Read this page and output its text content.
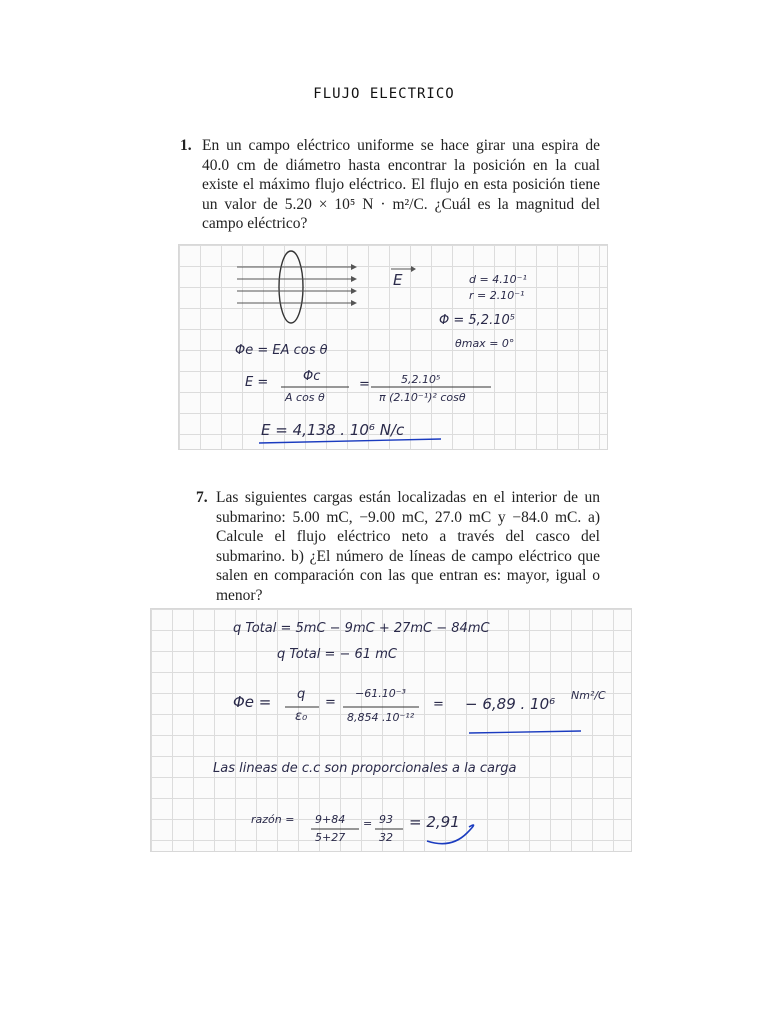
FLUJO ELECTRICO
1. En un campo eléctrico uniforme se hace girar una espira de 40.0 cm de diámetro hasta encontrar la posición en la cual existe el máximo flujo eléctrico. El flujo en esta posición tiene un valor de 5.20 × 10⁵ N · m²/C. ¿Cuál es la magnitud del campo eléctrico?

E	d = 4.10⁻¹
r = 2.10⁻¹
Φ = 5,2.10⁵
θmax = 0°
Φe = EA cos θ
E =	Φc
A cos θ
=	5,2.10⁵
π (2.10⁻¹)² cosθ
E = 4,138 . 10⁶ N/c
7. Las siguientes cargas están localizadas en el interior de un submarino: 5.00 mC, −9.00 mC, 27.0 mC y −84.0 mC. a) Calcule el flujo eléctrico neto a través del casco del submarino. b) ¿El número de líneas de campo eléctrico que salen en comparación con las que entran es: mayor, igual o menor?

q Total = 5mC − 9mC + 27mC − 84mC
q Total = − 61 mC
Φe = q
ε₀
=
−61.10⁻³
8,854 .10⁻¹²
= − 6,89 . 10⁶ Nm²/C
Las lineas de c.c son proporcionales a la carga
razón = 9+84
5+27
= 93
32
= 2,91
